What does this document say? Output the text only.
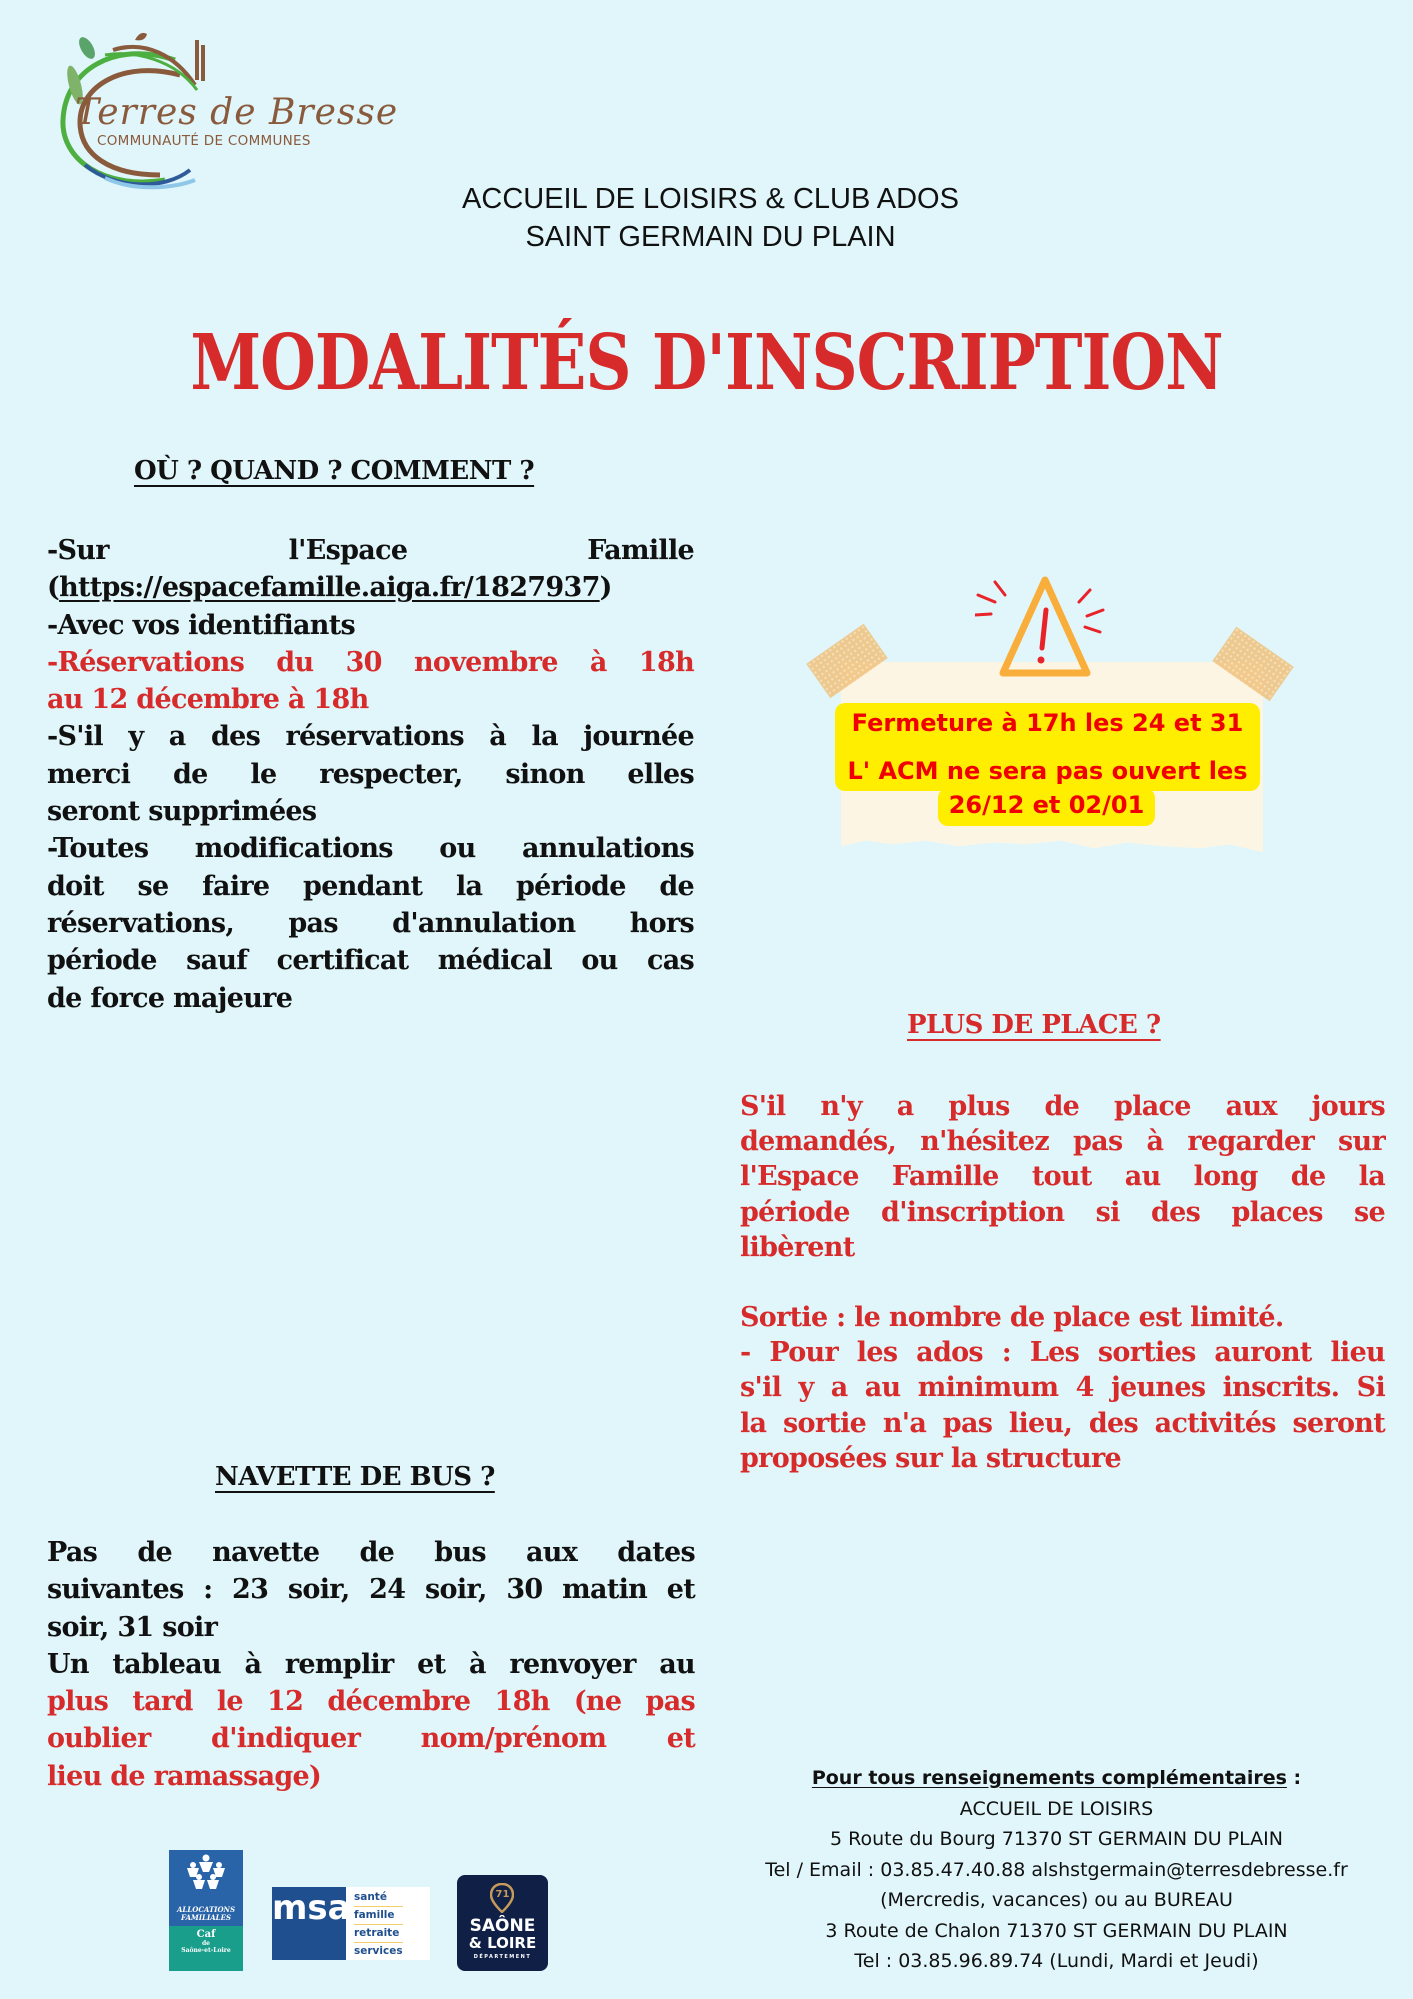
Terres de Bresse
COMMUNAUTÉ DE COMMUNES
ACCUEIL DE LOISIRS & CLUB ADOS
SAINT GERMAIN DU PLAIN
MODALITÉS D'INSCRIPTION
OÙ ? QUAND ? COMMENT ?
-Sur	l'Espace	Famille
(https://espacefamille.aiga.fr/1827937)
-Avec vos identifiants
-Réservations du 30 novembre à 18h
au 12 décembre à 18h
-S'il y a des réservations à la journée
merci de le respecter, sinon elles
seront supprimées
-Toutes modifications ou annulations
doit se faire pendant la période de
réservations, pas d'annulation hors
période sauf certificat médical ou cas
de force majeure
Fermeture à 17h les 24 et 31
L' ACM ne sera pas ouvert les
26/12 et 02/01
PLUS DE PLACE ?
S'il n'y a plus de place aux jours
demandés, n'hésitez pas à regarder sur
l'Espace Famille tout au long de la
période d'inscription si des places se
libèrent
Sortie : le nombre de place est limité.
- Pour les ados : Les sorties auront lieu
s'il y a au minimum 4 jeunes inscrits. Si
la sortie n'a pas lieu, des activités seront
proposées sur la structure
NAVETTE DE BUS ?
Pas de navette de bus aux dates
suivantes : 23 soir, 24 soir, 30 matin et
soir, 31 soir
Un tableau à remplir et à renvoyer au
plus tard le 12 décembre 18h (ne pas
oublier d'indiquer nom/prénom et
lieu de ramassage)
ALLOCATIONS
FAMILIALES
Caf
de
Saône-et-Loire
msa santé
famille
retraite
services
71
SAÔNE
& LOIRE
DÉPARTEMENT
Pour tous renseignements complémentaires :
ACCUEIL DE LOISIRS
5 Route du Bourg 71370 ST GERMAIN DU PLAIN
Tel / Email : 03.85.47.40.88 alshstgermain@terresdebresse.fr
(Mercredis, vacances) ou au BUREAU
3 Route de Chalon 71370 ST GERMAIN DU PLAIN
Tel : 03.85.96.89.74 (Lundi, Mardi et Jeudi)
